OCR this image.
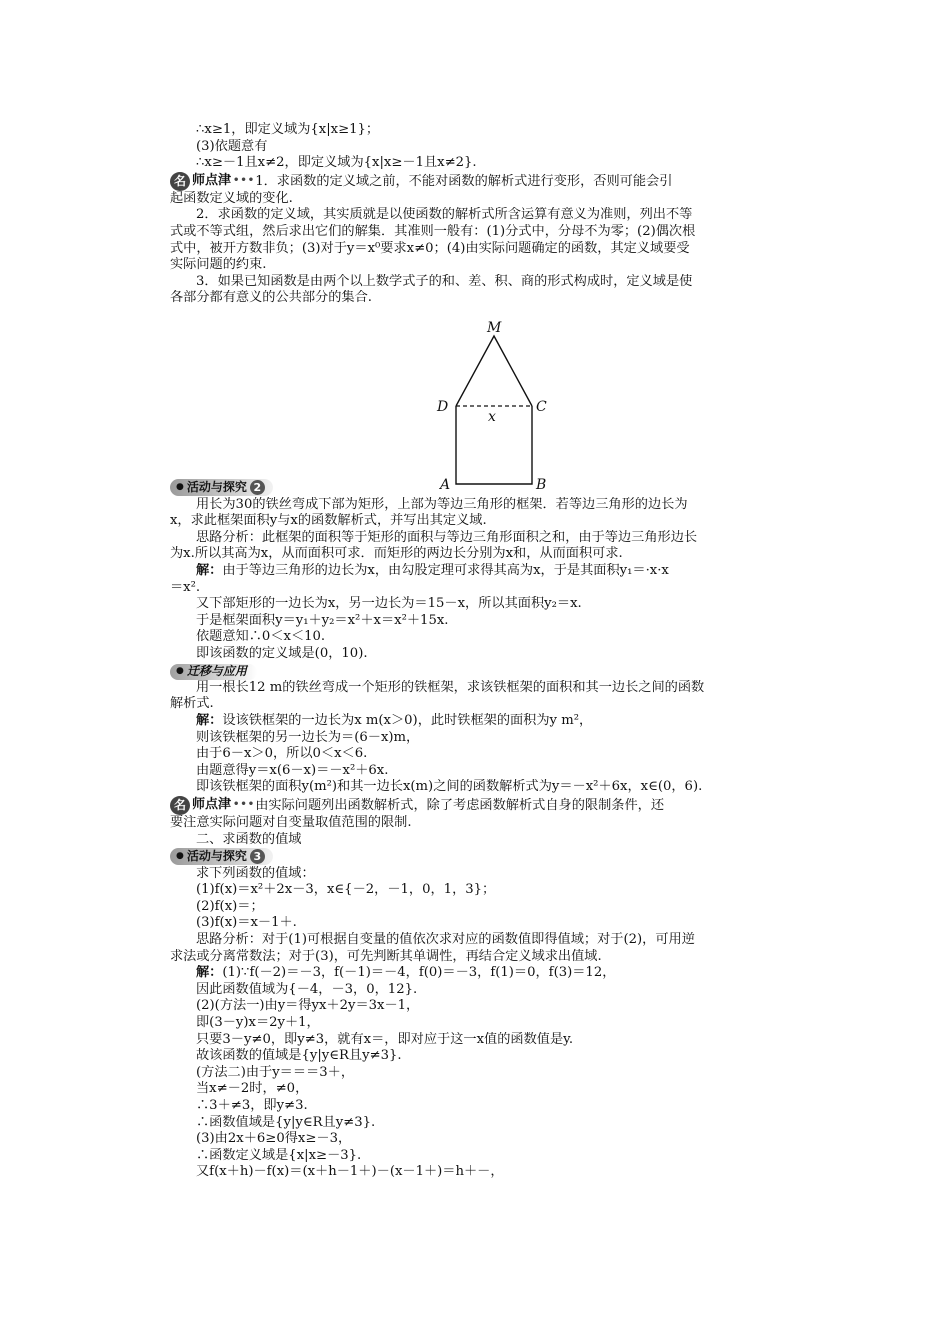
∴x≥1，即定义域为{x|x≥1}；
(3)依题意有
∴x≥－1且x≠2，即定义域为{x|x≥－1且x≠2}.
名 师点津 ••• 1．求函数的定义域之前，不能对函数的解析式进行变形，否则可能会引
起函数定义域的变化.
2．求函数的定义域，其实质就是以使函数的解析式所含运算有意义为准则，列出不等
式或不等式组，然后求出它们的解集．其准则一般有：(1)分式中，分母不为零；(2)偶次根
式中，被开方数非负；(3)对于y＝x⁰要求x≠0；(4)由实际问题确定的函数，其定义域要受
实际问题的约束.
3．如果已知函数是由两个以上数学式子的和、差、积、商的形式构成时，定义域是使
各部分都有意义的公共部分的集合.
● 活动与探究 2
用长为30的铁丝弯成下部为矩形，上部为等边三角形的框架．若等边三角形的边长为
x，求此框架面积y与x的函数解析式，并写出其定义域.
思路分析：此框架的面积等于矩形的面积与等边三角形面积之和，由于等边三角形边长
为x.所以其高为x，从而面积可求．而矩形的两边长分别为x和，从而面积可求.
解：由于等边三角形的边长为x，由勾股定理可求得其高为x，于是其面积y₁＝·x·x
＝x².
又下部矩形的一边长为x，另一边长为＝15－x，所以其面积y₂＝x.
于是框架面积y＝y₁＋y₂＝x²＋x＝x²＋15x.
依题意知∴0＜x＜10.
即该函数的定义域是(0，10).
● 迁移与应用
用一根长12 m的铁丝弯成一个矩形的铁框架，求该铁框架的面积和其一边长之间的函数
解析式.
解：设该铁框架的一边长为x m(x＞0)，此时铁框架的面积为y m²，
则该铁框架的另一边长为＝(6－x)m，
由于6－x＞0，所以0＜x＜6.
由题意得y＝x(6－x)＝－x²＋6x.
即该铁框架的面积y(m²)和其一边长x(m)之间的函数解析式为y＝－x²＋6x，x∈(0，6).
名 师点津 ••• 由实际问题列出函数解析式，除了考虑函数解析式自身的限制条件，还
要注意实际问题对自变量取值范围的限制.
二、求函数的值域
● 活动与探究 3
求下列函数的值域：
(1)f(x)＝x²＋2x－3，x∈{－2，－1，0，1，3}；
(2)f(x)＝；
(3)f(x)＝x－1＋.
思路分析：对于(1)可根据自变量的值依次求对应的函数值即得值域；对于(2)，可用逆
求法或分离常数法；对于(3)，可先判断其单调性，再结合定义域求出值域.
解：(1)∵f(－2)＝－3，f(－1)＝－4，f(0)＝－3，f(1)＝0，f(3)＝12，
因此函数值域为{－4，－3，0，12}.
(2)(方法一)由y＝得yx＋2y＝3x－1，
即(3－y)x＝2y＋1，
只要3－y≠0，即y≠3，就有x＝，即对应于这一x值的函数值是y.
故该函数的值域是{y|y∈R且y≠3}.
(方法二)由于y＝＝＝3＋，
当x≠－2时，≠0，
∴3＋≠3，即y≠3.
∴函数值域是{y|y∈R且y≠3}.
(3)由2x＋6≥0得x≥－3，
∴函数定义域是{x|x≥－3}.
又f(x＋h)－f(x)＝(x＋h－1＋)－(x－1＋)＝h＋－，
M
D	C
x
A	B
